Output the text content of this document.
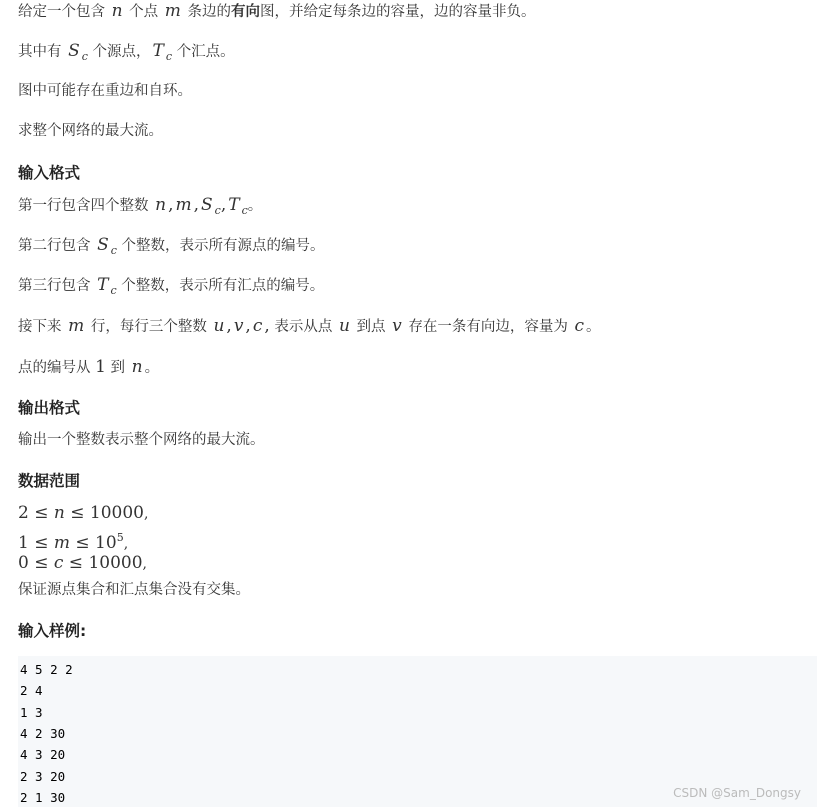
给定一个包含 n 个点 m 条边的有向图，并给定每条边的容量，边的容量非负。
其中有 S $_c$ 个源点， T $_c$ 个汇点。
图中可能存在重边和自环。
求整个网络的最大流。
输入格式
第一行包含四个整数 n , m , S $_c$, T $_c$。
第二行包含 S $_c$ 个整数，表示所有源点的编号。
第三行包含 T $_c$ 个整数，表示所有汇点的编号。
接下来 m 行，每行三个整数 u , v , c , 表示从点 u 到点 v 存在一条有向边，容量为 c 。
点的编号从 1 到 n 。
输出格式
输出一个整数表示整个网络的最大流。
数据范围
2 ≤ n ≤ 10000,
$1 \le m \le 10^5$,
0 ≤ c ≤ 10000,
保证源点集合和汇点集合没有交集。
输入样例:
4 5 2 2
2 4
1 3
4 2 30
4 3 20
2 3 20
2 1 30	CSDN @Sam_Dongsy
